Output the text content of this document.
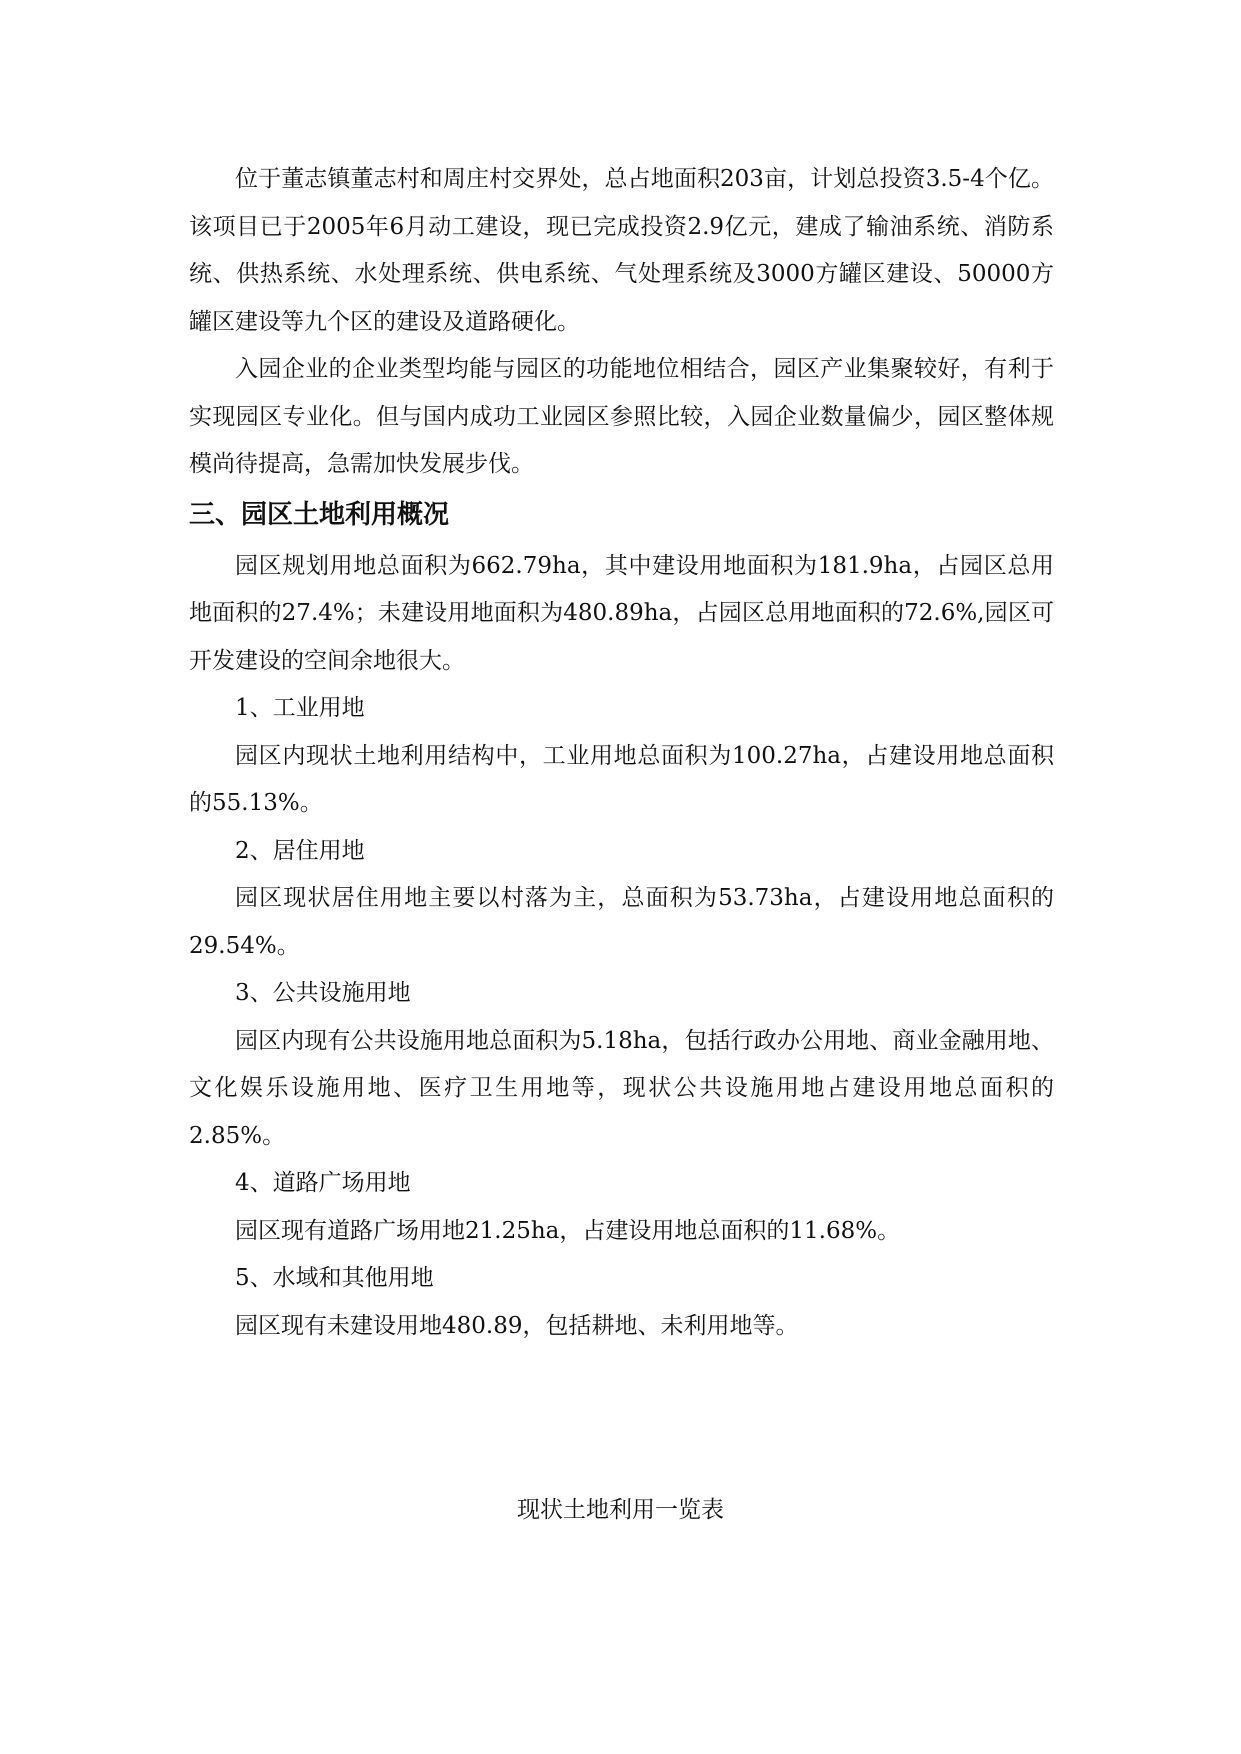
位于董志镇董志村和周庄村交界处，总占地面积203亩，计划总投资3.5-4个亿。该项目已于2005年6月动工建设，现已完成投资2.9亿元，建成了输油系统、消防系统、供热系统、水处理系统、供电系统、气处理系统及3000方罐区建设、50000方罐区建设等九个区的建设及道路硬化。

入园企业的企业类型均能与园区的功能地位相结合，园区产业集聚较好，有利于实现园区专业化。但与国内成功工业园区参照比较，入园企业数量偏少，园区整体规模尚待提高，急需加快发展步伐。

三、园区土地利用概况

园区规划用地总面积为662.79ha，其中建设用地面积为181.9ha，占园区总用地面积的27.4%；未建设用地面积为480.89ha，占园区总用地面积的72.6%,园区可开发建设的空间余地很大。

1、工业用地

园区内现状土地利用结构中，工业用地总面积为100.27ha，占建设用地总面积的55.13%。

2、居住用地

园区现状居住用地主要以村落为主，总面积为53.73ha，占建设用地总面积的29.54%。

3、公共设施用地

园区内现有公共设施用地总面积为5.18ha，包括行政办公用地、商业金融用地、文化娱乐设施用地、医疗卫生用地等，现状公共设施用地占建设用地总面积的2.85%。

4、道路广场用地

园区现有道路广场用地21.25ha，占建设用地总面积的11.68%。

5、水域和其他用地

园区现有未建设用地480.89，包括耕地、未利用地等。

现状土地利用一览表
